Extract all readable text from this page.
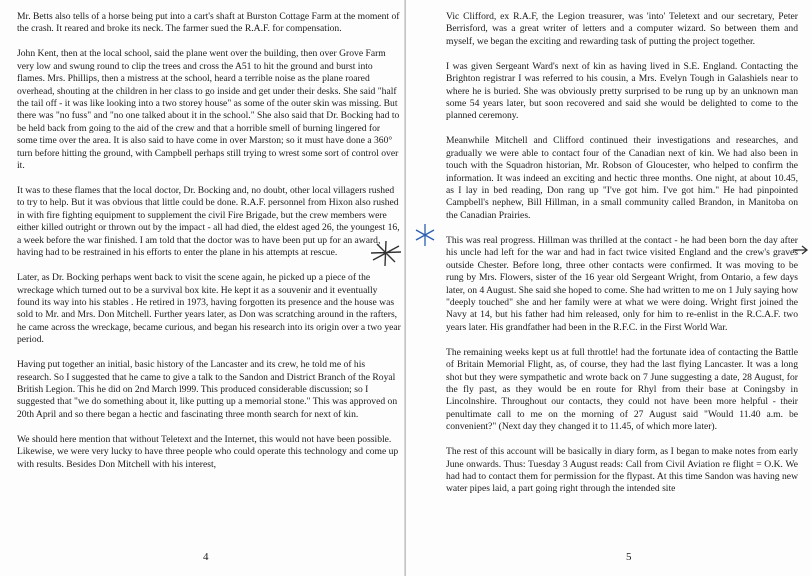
Mr. Betts also tells of a horse being put into a cart's shaft at Burston Cottage Farm at the moment of the crash. It reared and broke its neck. The farmer sued the R.A.F. for compensation.

John Kent, then at the local school, said the plane went over the building, then over Grove Farm very low and swung round to clip the trees and cross the A51 to hit the ground and burst into flames. Mrs. Phillips, then a mistress at the school, heard a terrible noise as the plane roared overhead, shouting at the children in her class to go inside and get under their desks. She said "half the tail off - it was like looking into a two storey house" as some of the outer skin was missing. But there was "no fuss" and "no one talked about it in the school." She also said that Dr. Bocking had to be held back from going to the aid of the crew and that a horrible smell of burning lingered for some time over the area. It is also said to have come in over Marston; so it must have done a 360° turn before hitting the ground, with Campbell perhaps still trying to wrest some sort of control over it.

It was to these flames that the local doctor, Dr. Bocking and, no doubt, other local villagers rushed to try to help. But it was obvious that little could be done. R.A.F. personnel from Hixon also rushed in with fire fighting equipment to supplement the civil Fire Brigade, but the crew members were either killed outright or thrown out by the impact - all had died, the eldest aged 26, the youngest 16, a week before the war finished. I am told that the doctor was to have been put up for an award, having had to be restrained in his efforts to enter the plane in his attempts at rescue.

Later, as Dr. Bocking perhaps went back to visit the scene again, he picked up a piece of the wreckage which turned out to be a survival box kite. He kept it as a souvenir and it eventually found its way into his stables . He retired in 1973, having forgotten its presence and the house was sold to Mr. and Mrs. Don Mitchell. Further years later, as Don was scratching around in the rafters, he came across the wreckage, became curious, and began his research into its origin over a two year period.

Having put together an initial, basic history of the Lancaster and its crew, he told me of his research. So I suggested that he came to give a talk to the Sandon and District Branch of the Royal British Legion. This he did on 2nd March l999. This produced considerable discussion; so I suggested that "we do something about it, like putting up a memorial stone." This was approved on 20th April and so there began a hectic and fascinating three month search for next of kin.

We should here mention that without Teletext and the Internet, this would not have been possible. Likewise, we were very lucky to have three people who could operate this technology and come up with results. Besides Don Mitchell with his interest,

4

Vic Clifford, ex R.A.F, the Legion treasurer, was 'into' Teletext and our secretary, Peter Berrisford, was a great writer of letters and a computer wizard. So between them and myself, we began the exciting and rewarding task of putting the project together.

I was given Sergeant Ward's next of kin as having lived in S.E. England. Contacting the Brighton registrar I was referred to his cousin, a Mrs. Evelyn Tough in Galashiels near to where he is buried. She was obviously pretty surprised to be rung up by an unknown man some 54 years later, but soon recovered and said she would be delighted to come to the planned ceremony.

Meanwhile Mitchell and Clifford continued their investigations and researches, and gradually we were able to contact four of the Canadian next of kin. We had also been in touch with the Squadron historian, Mr. Robson of Gloucester, who helped to confirm the information. It was indeed an exciting and hectic three months. One night, at about 10.45, as I lay in bed reading, Don rang up "I've got him. I've got him." He had pinpointed Campbell's nephew, Bill Hillman, in a small community called Brandon, in Manitoba on the Canadian Prairies.

This was real progress. Hillman was thrilled at the contact - he had been born the day after his uncle had left for the war and had in fact twice visited England and the crew's graves outside Chester. Before long, three other contacts were confirmed. It was moving to be rung by Mrs. Flowers, sister of the 16 year old Sergeant Wright, from Ontario, a few days later, on 4 August. She said she hoped to come. She had written to me on 1 July saying how "deeply touched" she and her family were at what we were doing. Wright first joined the Navy at 14, but his father had him released, only for him to re-enlist in the R.C.A.F. two years later. His grandfather had been in the R.F.C. in the First World War.

The remaining weeks kept us at full throttle! had the fortunate idea of contacting the Battle of Britain Memorial Flight, as, of course, they had the last flying Lancaster. It was a long shot but they were sympathetic and wrote back on 7 June suggesting a date, 28 August, for the fly past, as they would be en route for Rhyl from their base at Coningsby in Lincolnshire. Throughout our contacts, they could not have been more helpful - their penultimate call to me on the morning of 27 August said "Would 11.40 a.m. be convenient?" (Next day they changed it to 11.45, of which more later).

The rest of this account will be basically in diary form, as I began to make notes from early June onwards. Thus: Tuesday 3 August reads: Call from Civil Aviation re flight = O.K. We had had to contact them for permission for the flypast. At this time Sandon was having new water pipes laid, a part going right through the intended site

5
